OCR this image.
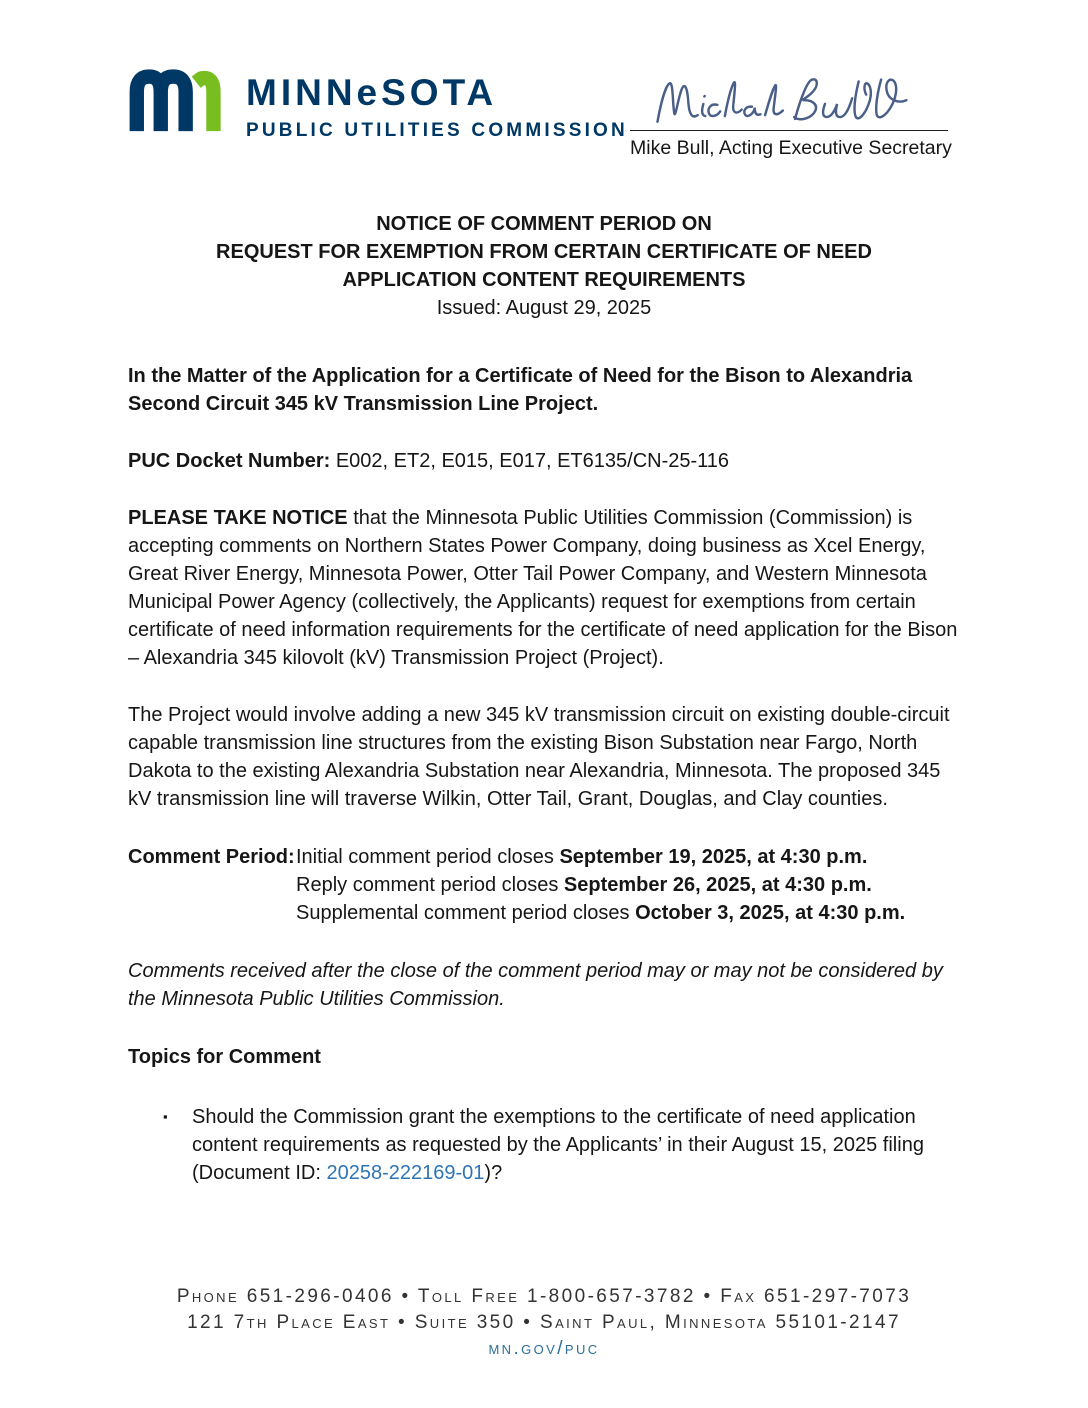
MINNeSOTA
PUBLIC UTILITIES COMMISSION
Mike Bull, Acting Executive Secretary
NOTICE OF COMMENT PERIOD ON
REQUEST FOR EXEMPTION FROM CERTAIN CERTIFICATE OF NEED
APPLICATION CONTENT REQUIREMENTS
Issued: August 29, 2025

In the Matter of the Application for a Certificate of Need for the Bison to Alexandria Second Circuit 345 kV Transmission Line Project.

PUC Docket Number: E002, ET2, E015, E017, ET6135/CN-25-116

PLEASE TAKE NOTICE that the Minnesota Public Utilities Commission (Commission) is accepting comments on Northern States Power Company, doing business as Xcel Energy, Great River Energy, Minnesota Power, Otter Tail Power Company, and Western Minnesota Municipal Power Agency (collectively, the Applicants) request for exemptions from certain certificate of need information requirements for the certificate of need application for the Bison – Alexandria 345 kilovolt (kV) Transmission Project (Project).

The Project would involve adding a new 345 kV transmission circuit on existing double-circuit capable transmission line structures from the existing Bison Substation near Fargo, North Dakota to the existing Alexandria Substation near Alexandria, Minnesota. The proposed 345 kV transmission line will traverse Wilkin, Otter Tail, Grant, Douglas, and Clay counties.

Comment Period: Initial comment period closes September 19, 2025, at 4:30 p.m.
Reply comment period closes September 26, 2025, at 4:30 p.m.
Supplemental comment period closes October 3, 2025, at 4:30 p.m.

Comments received after the close of the comment period may or may not be considered by the Minnesota Public Utilities Commission.

Topics for Comment

▪	Should the Commission grant the exemptions to the certificate of need application content requirements as requested by the Applicants’ in their August 15, 2025 filing (Document ID: 20258-222169-01)?
Phone 651-296-0406 • Toll Free 1-800-657-3782 • Fax 651-297-7073
121 7th Place East • Suite 350 • Saint Paul, Minnesota 55101-2147
mn.gov/puc
